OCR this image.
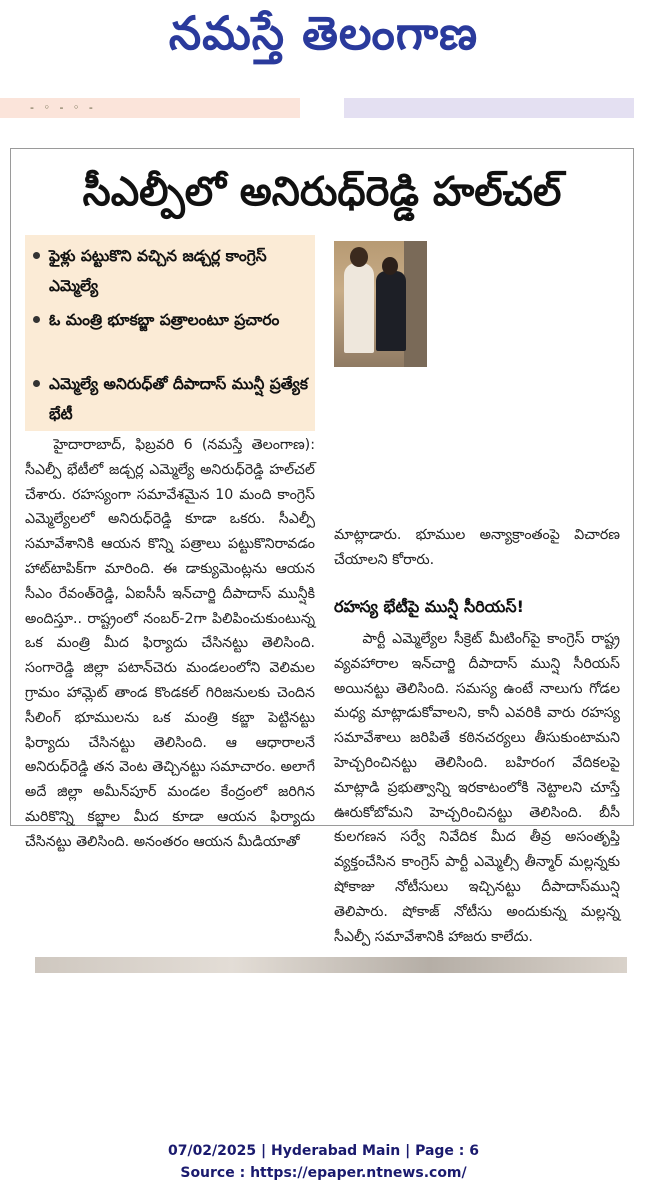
నమస్తే తెలంగాణ
‑ ◦ ‑ ◦ ‑
సీఎల్పీలో అనిరుధ్‌రెడ్డి హల్‌చల్
ఫైళ్లు పట్టుకొని వచ్చిన జడ్చర్ల కాంగ్రెస్ ఎమ్మెల్యే
ఓ మంత్రి భూకబ్జా పత్రాలంటూ ప్రచారం
ఎమ్మెల్యే అనిరుధ్‌తో దీపాదాస్ మున్షీ ప్రత్యేక భేటీ

హైదారాబాద్, ఫిబ్రవరి 6 (నమస్తే తెలంగాణ): సీఎల్పీ భేటీలో జడ్చర్ల ఎమ్మెల్యే అనిరుధ్‌రెడ్డి హల్‌చల్ చేశారు. రహస్యంగా సమావేశమైన 10 మంది కాంగ్రెస్ ఎమ్మెల్యేలలో అనిరుధ్‌రెడ్డి కూడా ఒకరు. సీఎల్పీ సమావేశానికి ఆయన కొన్ని పత్రాలు పట్టుకొనిరావడం హాట్‌టాపిక్‌గా మారింది. ఈ డాక్యుమెంట్లను ఆయన సీఎం రేవంత్‌రెడ్డి, ఏఐసీసీ ఇన్‌చార్జి దీపాదాస్ మున్షీకి అందిస్తూ.. రాష్ట్రంలో నంబర్-2గా పిలిపించుకుంటున్న ఒక మంత్రి మీద ఫిర్యాదు చేసినట్టు తెలిసింది. సంగారెడ్డి జిల్లా పటాన్‌చెరు మండలంలోని వెలిమల గ్రామం హామ్లెట్ తాండ కొండకల్ గిరిజనులకు చెందిన సీలింగ్ భూములను ఒక మంత్రి కబ్జా పెట్టినట్టు ఫిర్యాదు చేసినట్టు తెలిసింది. ఆ ఆధారాలనే అనిరుధ్‌రెడ్డి తన వెంట తెచ్చినట్టు సమాచారం. అలాగే అదే జిల్లా అమీన్‌పూర్ మండల కేంద్రంలో జరిగిన మరికొన్ని కబ్జాల మీద కూడా ఆయన ఫిర్యాదు చేసినట్టు తెలిసింది. అనంతరం ఆయన మీడియాతో

మాట్లాడారు. భూముల అన్యాక్రాంతంపై విచారణ చేయాలని కోరారు.

రహస్య భేటీపై మున్షీ సీరియస్!

పార్టీ ఎమ్మెల్యేల సీక్రెట్ మీటింగ్‌పై కాంగ్రెస్ రాష్ట్ర వ్యవహారాల ఇన్‌చార్జి దీపాదాస్ మున్షి సీరియస్ అయినట్టు తెలిసింది. సమస్య ఉంటే నాలుగు గోడల మధ్య మాట్లాడుకోవాలని, కానీ ఎవరికి వారు రహస్య సమావేశాలు జరిపితే కఠినచర్యలు తీసుకుంటామని హెచ్చరించినట్టు తెలిసింది. బహిరంగ వేదికలపై మాట్లాడి ప్రభుత్వాన్ని ఇరకాటంలోకి నెట్టాలని చూస్తే ఊరుకోబోమని హెచ్చరించినట్టు తెలిసింది. బీసీ కులగణన సర్వే నివేదిక మీద తీవ్ర అసంతృప్తి వ్యక్తంచేసిన కాంగ్రెస్ పార్టీ ఎమ్మెల్సీ తీన్మార్ మల్లన్నకు షోకాజు నోటీసులు ఇచ్చినట్టు దీపాదాస్‌మున్షి తెలిపారు. షోకాజ్ నోటీసు అందుకున్న మల్లన్న సీఎల్పీ సమావేశానికి హాజరు కాలేదు.

07/02/2025 | Hyderabad Main | Page : 6
Source : https://epaper.ntnews.com/
